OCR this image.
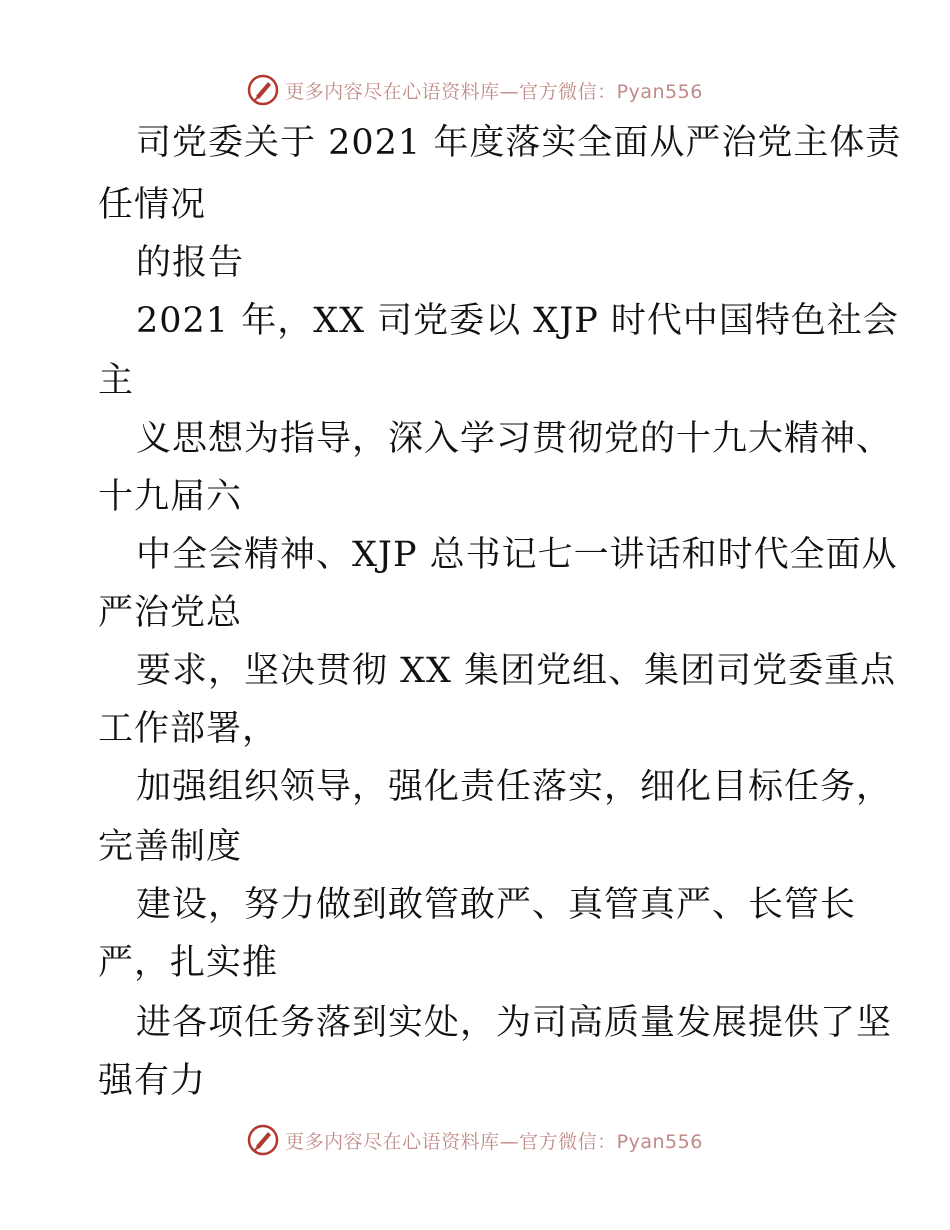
更多内容尽在心语资料库—官方微信：Pyan556
司党委关于 2021 年度落实全面从严治党主体责
任情况
的报告
2021 年，XX 司党委以 XJP 时代中国特色社会
主
义思想为指导，深入学习贯彻党的十九大精神、
十九届六
中全会精神、XJP 总书记七一讲话和时代全面从
严治党总
要求，坚决贯彻 XX 集团党组、集团司党委重点
工作部署，
加强组织领导，强化责任落实，细化目标任务，
完善制度
建设，努力做到敢管敢严、真管真严、长管长
严，扎实推
进各项任务落到实处，为司高质量发展提供了坚
强有力
更多内容尽在心语资料库—官方微信：Pyan556
